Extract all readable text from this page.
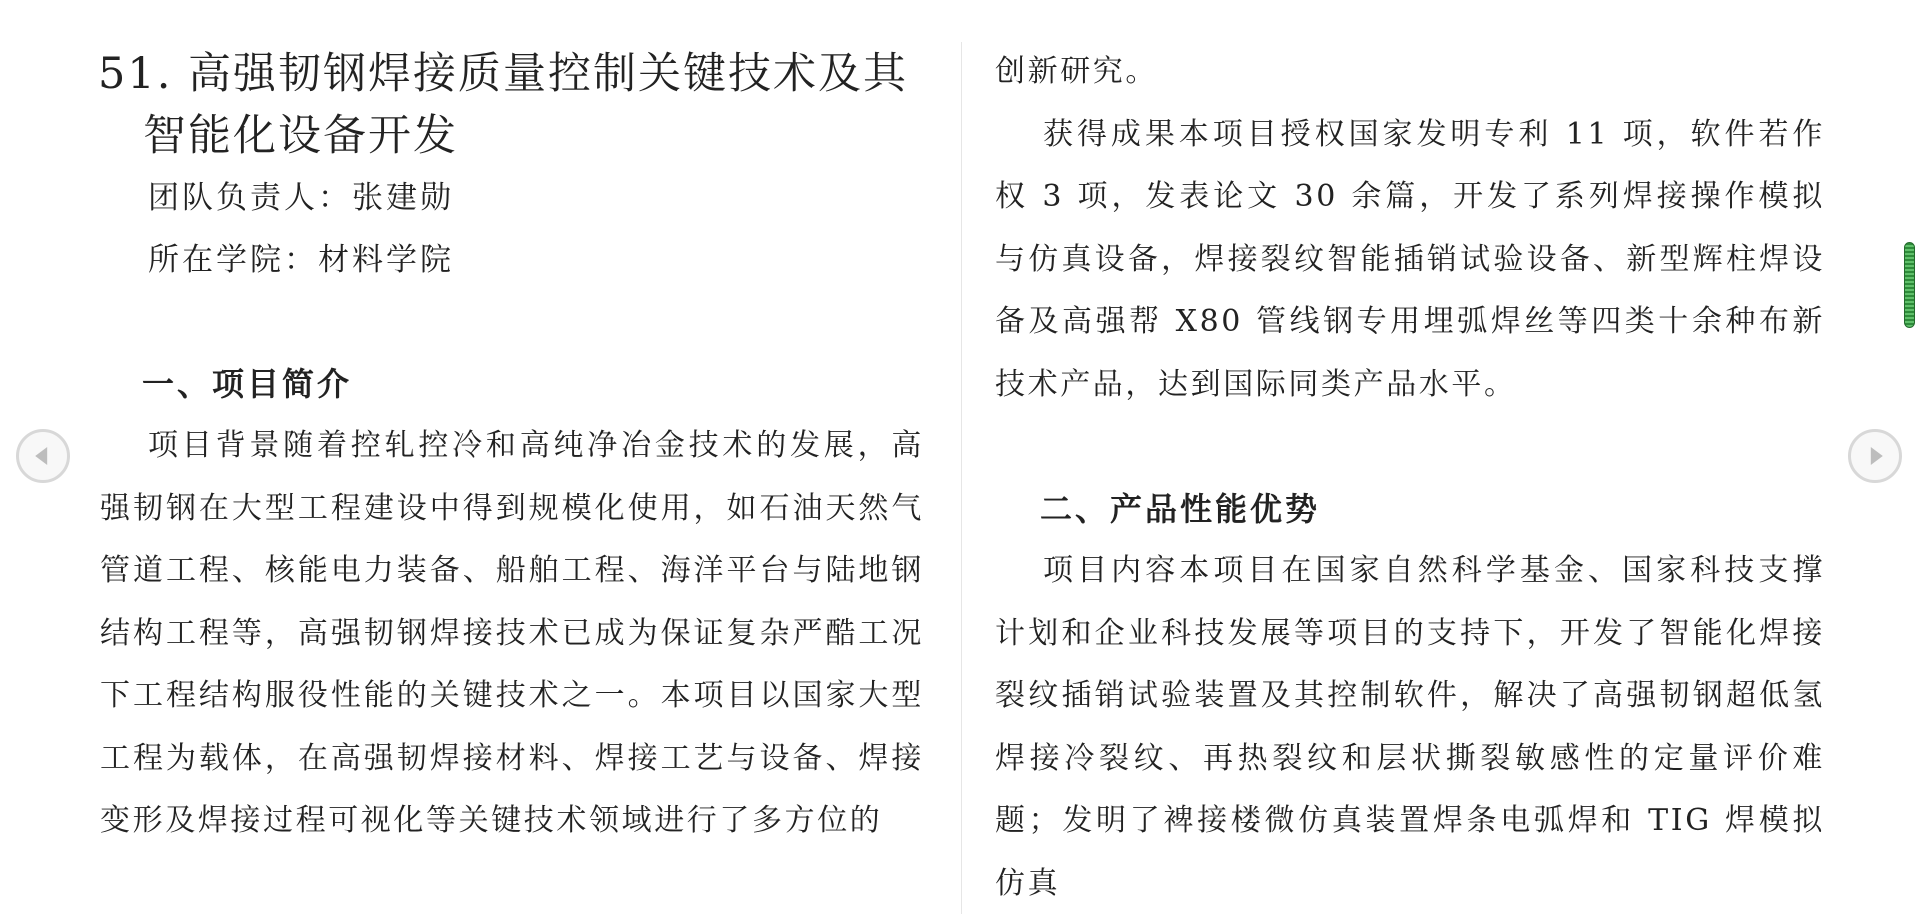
51. 高强韧钢焊接质量控制关键技术及其智能化设备开发

团队负责人：张建勋

所在学院：材料学院

一、项目简介

项目背景随着控轧控冷和高纯净冶金技术的发展，高强韧钢在大型工程建设中得到规模化使用，如石油天然气管道工程、核能电力装备、船舶工程、海洋平台与陆地钢结构工程等，高强韧钢焊接技术已成为保证复杂严酷工况下工程结构服役性能的关键技术之一。本项目以国家大型工程为载体，在高强韧焊接材料、焊接工艺与设备、焊接变形及焊接过程可视化等关键技术领域进行了多方位的

创新研究。

获得成果本项目授权国家发明专利 11 项，软件若作权 3 项，发表论文 30 余篇，开发了系列焊接操作模拟与仿真设备，焊接裂纹智能插销试验设备、新型辉柱焊设备及高强帮 X80 管线钢专用埋弧焊丝等四类十余种布新技术产品，达到国际同类产品水平。

二、产品性能优势

项目内容本项目在国家自然科学基金、国家科技支撑计划和企业科技发展等项目的支持下，开发了智能化焊接裂纹插销试验装置及其控制软件，解决了高强韧钢超低氢焊接冷裂纹、再热裂纹和层状撕裂敏感性的定量评价难题；发明了裨接楼微仿真装置焊条电弧焊和 TIG 焊模拟仿真
